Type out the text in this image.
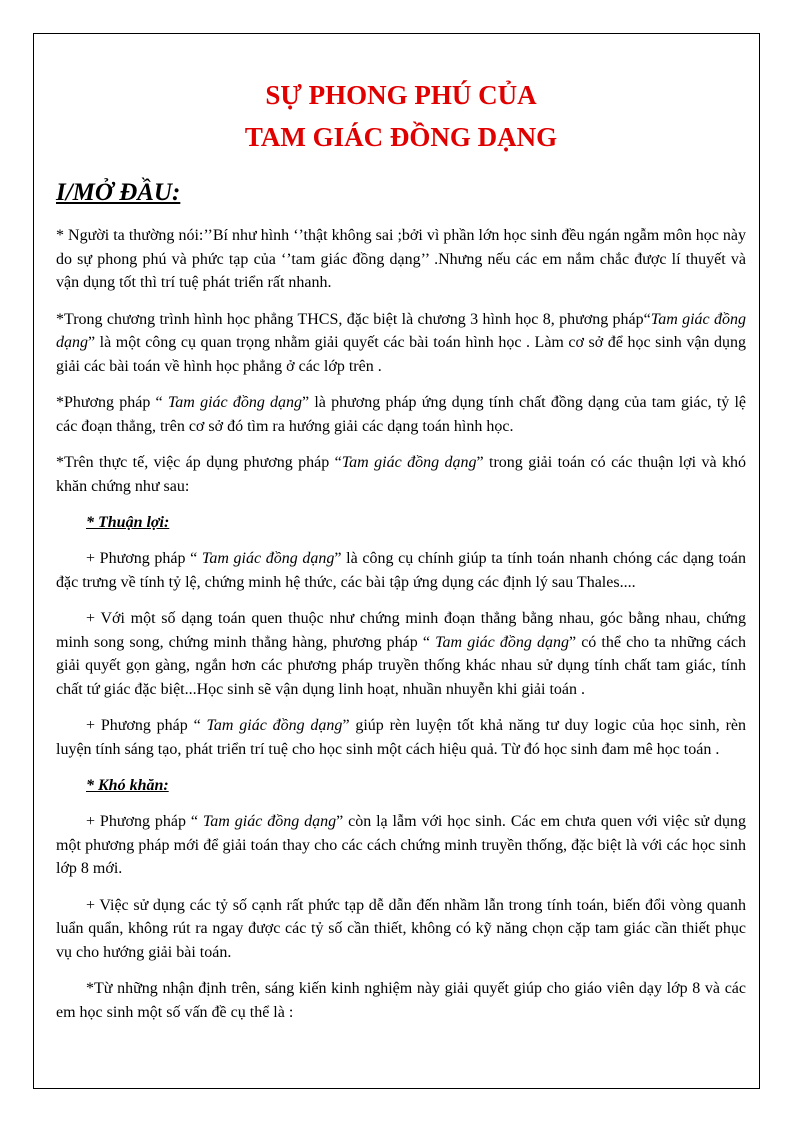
SỰ PHONG PHÚ CỦA
TAM GIÁC ĐỒNG DẠNG
I/MỞ ĐẦU:

* Người ta thường nói:’’Bí như hình ‘’thật không sai ;bởi vì phần lớn học sinh đều ngán ngẫm môn học này do sự phong phú và phức tạp của ‘’tam giác đồng dạng’’ .Nhưng nếu các em nắm chắc được lí thuyết và vận dụng tốt thì trí tuệ phát triển rất nhanh.

*Trong chương trình hình học phẳng THCS, đặc biệt là chương 3 hình học 8, phương pháp“Tam giác đồng dạng” là một công cụ quan trọng nhằm giải quyết các bài toán hình học . Làm cơ sở để học sinh vận dụng giải các bài toán về hình học phẳng ở các lớp trên .

*Phương pháp “ Tam giác đồng dạng” là phương pháp ứng dụng tính chất đồng dạng của tam giác, tỷ lệ các đoạn thẳng, trên cơ sở đó tìm ra hướng giải các dạng toán hình học.

*Trên thực tế, việc áp dụng phương pháp “Tam giác đồng dạng” trong giải toán có các thuận lợi và khó khăn chứng như sau:

* Thuận lợi:

+ Phương pháp “ Tam giác đồng dạng” là công cụ chính giúp ta tính toán nhanh chóng các dạng toán đặc trưng về tính tỷ lệ, chứng minh hệ thức, các bài tập ứng dụng các định lý sau Thales....

+ Với một số dạng toán quen thuộc như chứng minh đoạn thẳng bằng nhau, góc bằng nhau, chứng minh song song, chứng minh thẳng hàng, phương pháp “ Tam giác đồng dạng” có thể cho ta những cách giải quyết gọn gàng, ngắn hơn các phương pháp truyền thống khác nhau sử dụng tính chất tam giác, tính chất tứ giác đặc biệt...Học sinh sẽ vận dụng linh hoạt, nhuần nhuyễn khi giải toán .

+ Phương pháp “ Tam giác đồng dạng” giúp rèn luyện tốt khả năng tư duy logic của học sinh, rèn luyện tính sáng tạo, phát triển trí tuệ cho học sinh một cách hiệu quả. Từ đó học sinh đam mê học toán .

* Khó khăn:

+ Phương pháp “ Tam giác đồng dạng” còn lạ lẫm với học sinh. Các em chưa quen với việc sử dụng một phương pháp mới để giải toán thay cho các cách chứng minh truyền thống, đặc biệt là với các học sinh lớp 8 mới.

+ Việc sử dụng các tỷ số cạnh rất phức tạp dễ dẫn đến nhầm lẫn trong tính toán, biến đổi vòng quanh luẩn quẩn, không rút ra ngay được các tỷ số cần thiết, không có kỹ năng chọn cặp tam giác cần thiết phục vụ cho hướng giải bài toán.

*Từ những nhận định trên, sáng kiến kinh nghiệm này giải quyết giúp cho giáo viên dạy lớp 8 và các em học sinh một số vấn đề cụ thể là :
